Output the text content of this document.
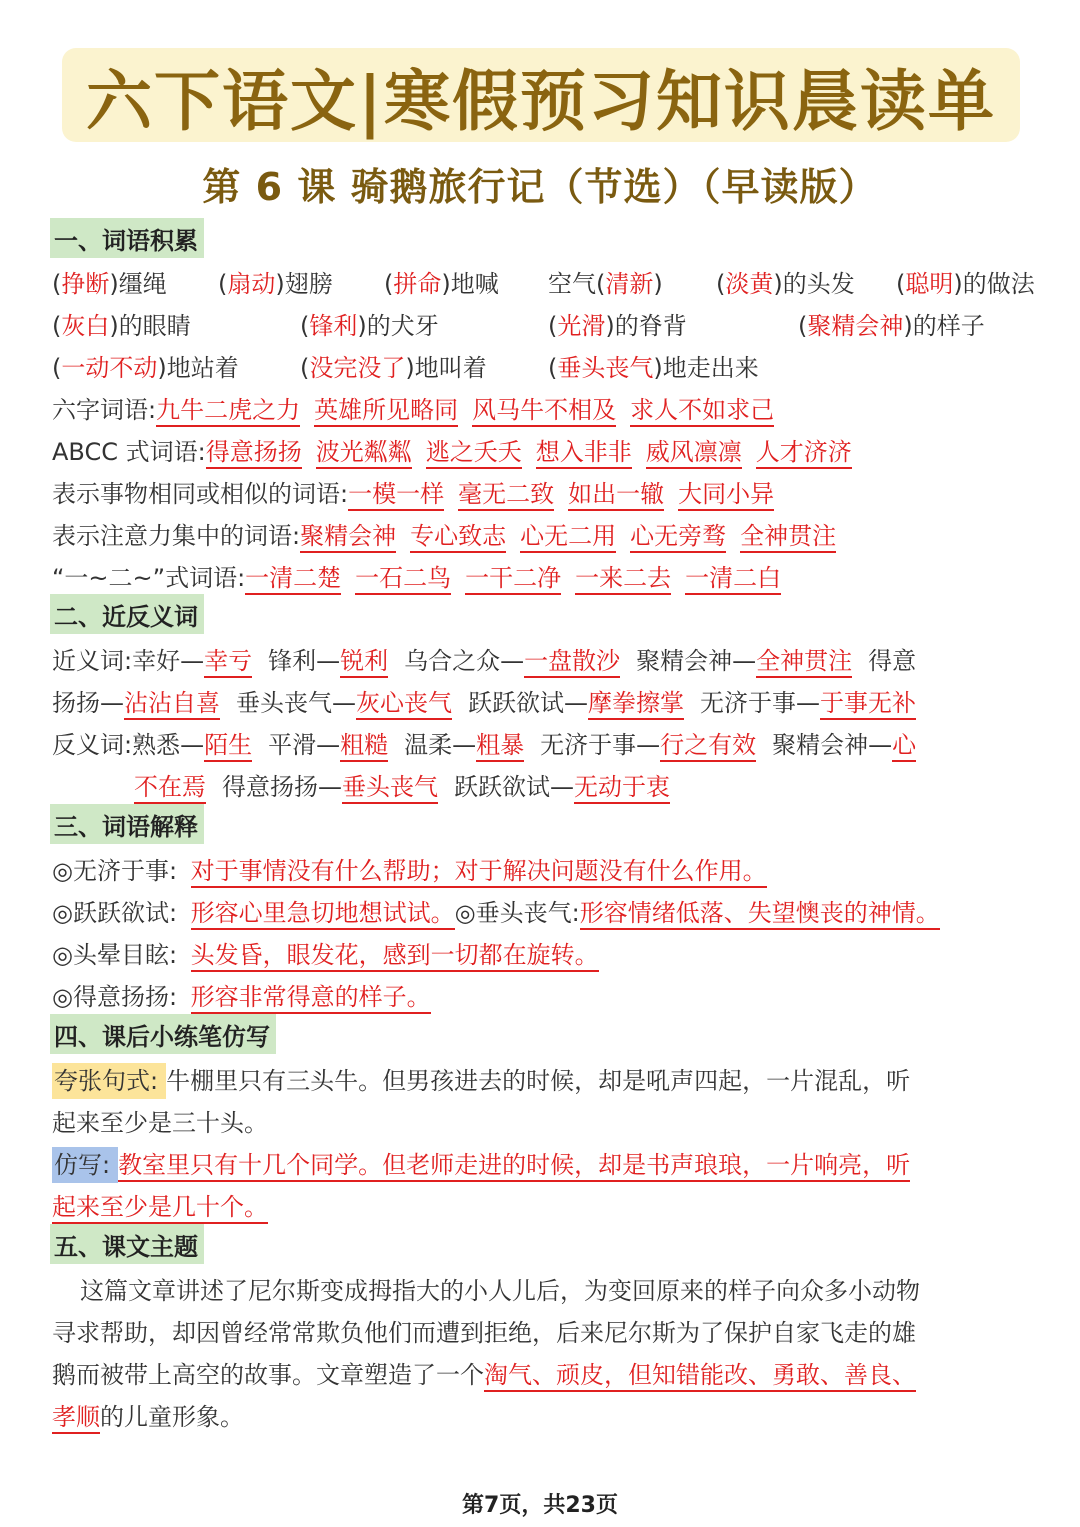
六下语文|寒假预习知识晨读单
第 6 课 骑鹅旅行记（节选）（早读版）
一、词语积累
(挣断)缰绳 (扇动)翅膀 (拼命)地喊 空气(清新) (淡黄)的头发 (聪明)的做法
(灰白)的眼睛	(锋利)的犬牙	(光滑)的脊背	(聚精会神)的样子
(一动不动)地站着	(没完没了)地叫着	(垂头丧气)地走出来
六字词语:九牛二虎之力 英雄所见略同 风马牛不相及 求人不如求己
ABCC 式词语:得意扬扬 波光粼粼 逃之夭夭 想入非非 威风凛凛 人才济济
表示事物相同或相似的词语:一模一样 毫无二致 如出一辙 大同小异
表示注意力集中的词语:聚精会神 专心致志 心无二用 心无旁骛 全神贯注
“一~二~”式词语:一清二楚 一石二鸟 一干二净 一来二去 一清二白
二、近反义词
近义词:幸好—幸亏 锋利—锐利 乌合之众—一盘散沙 聚精会神—全神贯注 得意
扬扬—沾沾自喜 垂头丧气—灰心丧气 跃跃欲试—摩拳擦掌 无济于事—于事无补
反义词:熟悉—陌生 平滑—粗糙 温柔—粗暴 无济于事—行之有效 聚精会神—心
不在焉 得意扬扬—垂头丧气 跃跃欲试—无动于衷
三、词语解释
◎无济于事: 对于事情没有什么帮助；对于解决问题没有什么作用。
◎跃跃欲试: 形容心里急切地想试试。◎垂头丧气:形容情绪低落、失望懊丧的神情。
◎头晕目眩: 头发昏，眼发花，感到一切都在旋转。
◎得意扬扬: 形容非常得意的样子。
四、课后小练笔仿写
夸张句式: 牛棚里只有三头牛。但男孩进去的时候，却是吼声四起，一片混乱，听
起来至少是三十头。
仿写: 教室里只有十几个同学。但老师走进的时候，却是书声琅琅，一片响亮，听
起来至少是几十个。
五、课文主题
这篇文章讲述了尼尔斯变成拇指大的小人儿后，为变回原来的样子向众多小动物
寻求帮助，却因曾经常常欺负他们而遭到拒绝，后来尼尔斯为了保护自家飞走的雄
鹅而被带上高空的故事。文章塑造了一个淘气、顽皮，但知错能改、勇敢、善良、
孝顺的儿童形象。
第7页，共23页
